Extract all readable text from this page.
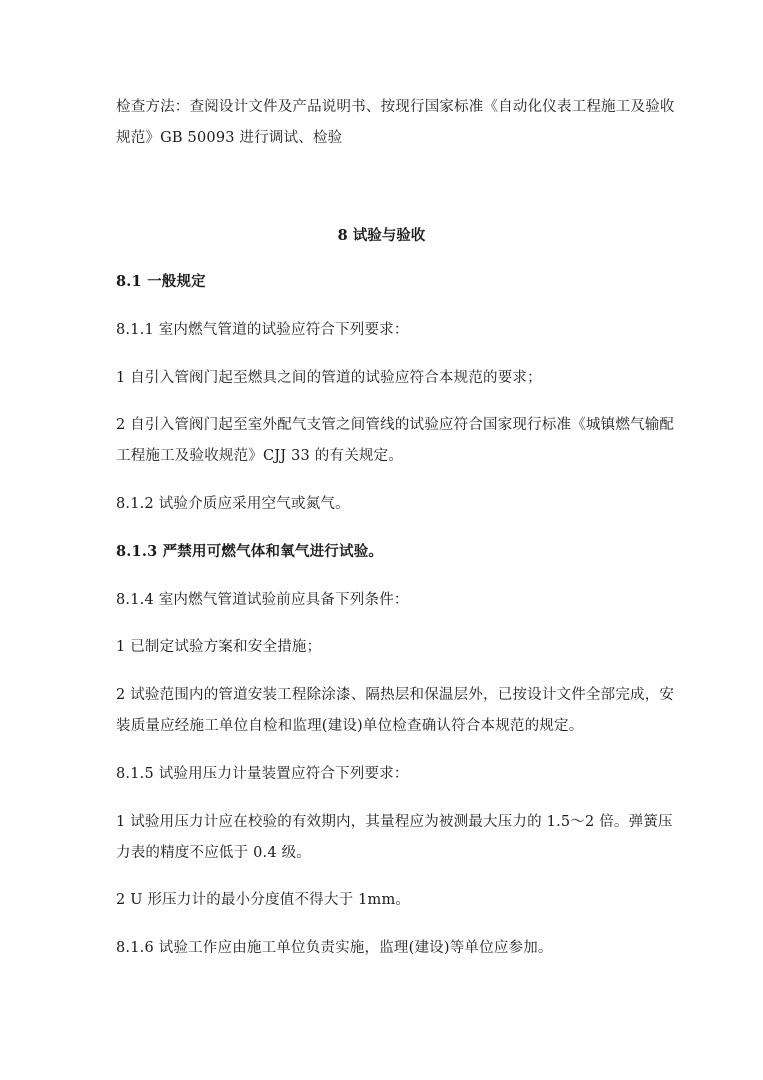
检查方法：查阅设计文件及产品说明书、按现行国家标准《自动化仪表工程施工及验收
规范》GB 50093 进行调试、检验
8 试验与验收
8.1 一般规定
8.1.1 室内燃气管道的试验应符合下列要求：
1 自引入管阀门起至燃具之间的管道的试验应符合本规范的要求；
2 自引入管阀门起至室外配气支管之间管线的试验应符合国家现行标准《城镇燃气输配
工程施工及验收规范》CJJ 33 的有关规定。
8.1.2 试验介质应采用空气或氮气。
8.1.3 严禁用可燃气体和氧气进行试验。
8.1.4 室内燃气管道试验前应具备下列条件：
1 已制定试验方案和安全措施；
2 试验范围内的管道安装工程除涂漆、隔热层和保温层外，已按设计文件全部完成，安
装质量应经施工单位自检和监理(建设)单位检查确认符合本规范的规定。
8.1.5 试验用压力计量装置应符合下列要求：
1 试验用压力计应在校验的有效期内，其量程应为被测最大压力的 1.5～2 倍。弹簧压
力表的精度不应低于 0.4 级。
2 U 形压力计的最小分度值不得大于 1mm。
8.1.6 试验工作应由施工单位负责实施，监理(建设)等单位应参加。
